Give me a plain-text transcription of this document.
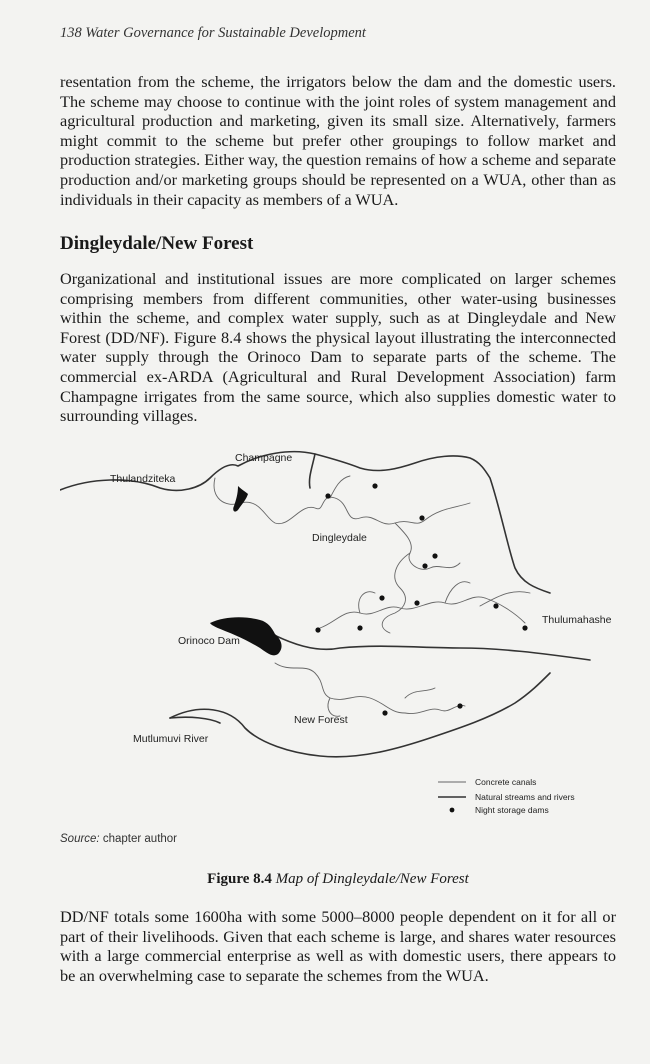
138 Water Governance for Sustainable Development

resentation from the scheme, the irrigators below the dam and the domestic users. The scheme may choose to continue with the joint roles of system management and agricultural production and marketing, given its small size. Alternatively, farmers might commit to the scheme but prefer other groupings to follow market and production strategies. Either way, the question remains of how a scheme and separate production and/or marketing groups should be represented on a WUA, other than as individuals in their capacity as members of a WUA.

Dingleydale/New Forest

Organizational and institutional issues are more complicated on larger schemes comprising members from different communities, other water-using businesses within the scheme, and complex water supply, such as at Dingleydale and New Forest (DD/NF). Figure 8.4 shows the physical layout illustrating the interconnected water supply through the Orinoco Dam to separate parts of the scheme. The commercial ex-ARDA (Agricultural and Rural Development Association) farm Champagne irrigates from the same source, which also supplies domestic water to surrounding villages.

Champagne
Thulandziteka
Dingleydale
Thulumahashe
Orinoco Dam
New Forest
Mutlumuvi River
Concrete canals
Natural streams and rivers
Night storage dams
Source: chapter author
Figure 8.4 Map of Dingleydale/New Forest

DD/NF totals some 1600ha with some 5000–8000 people dependent on it for all or part of their livelihoods. Given that each scheme is large, and shares water resources with a large commercial enterprise as well as with domestic users, there appears to be an overwhelming case to separate the schemes from the WUA.
